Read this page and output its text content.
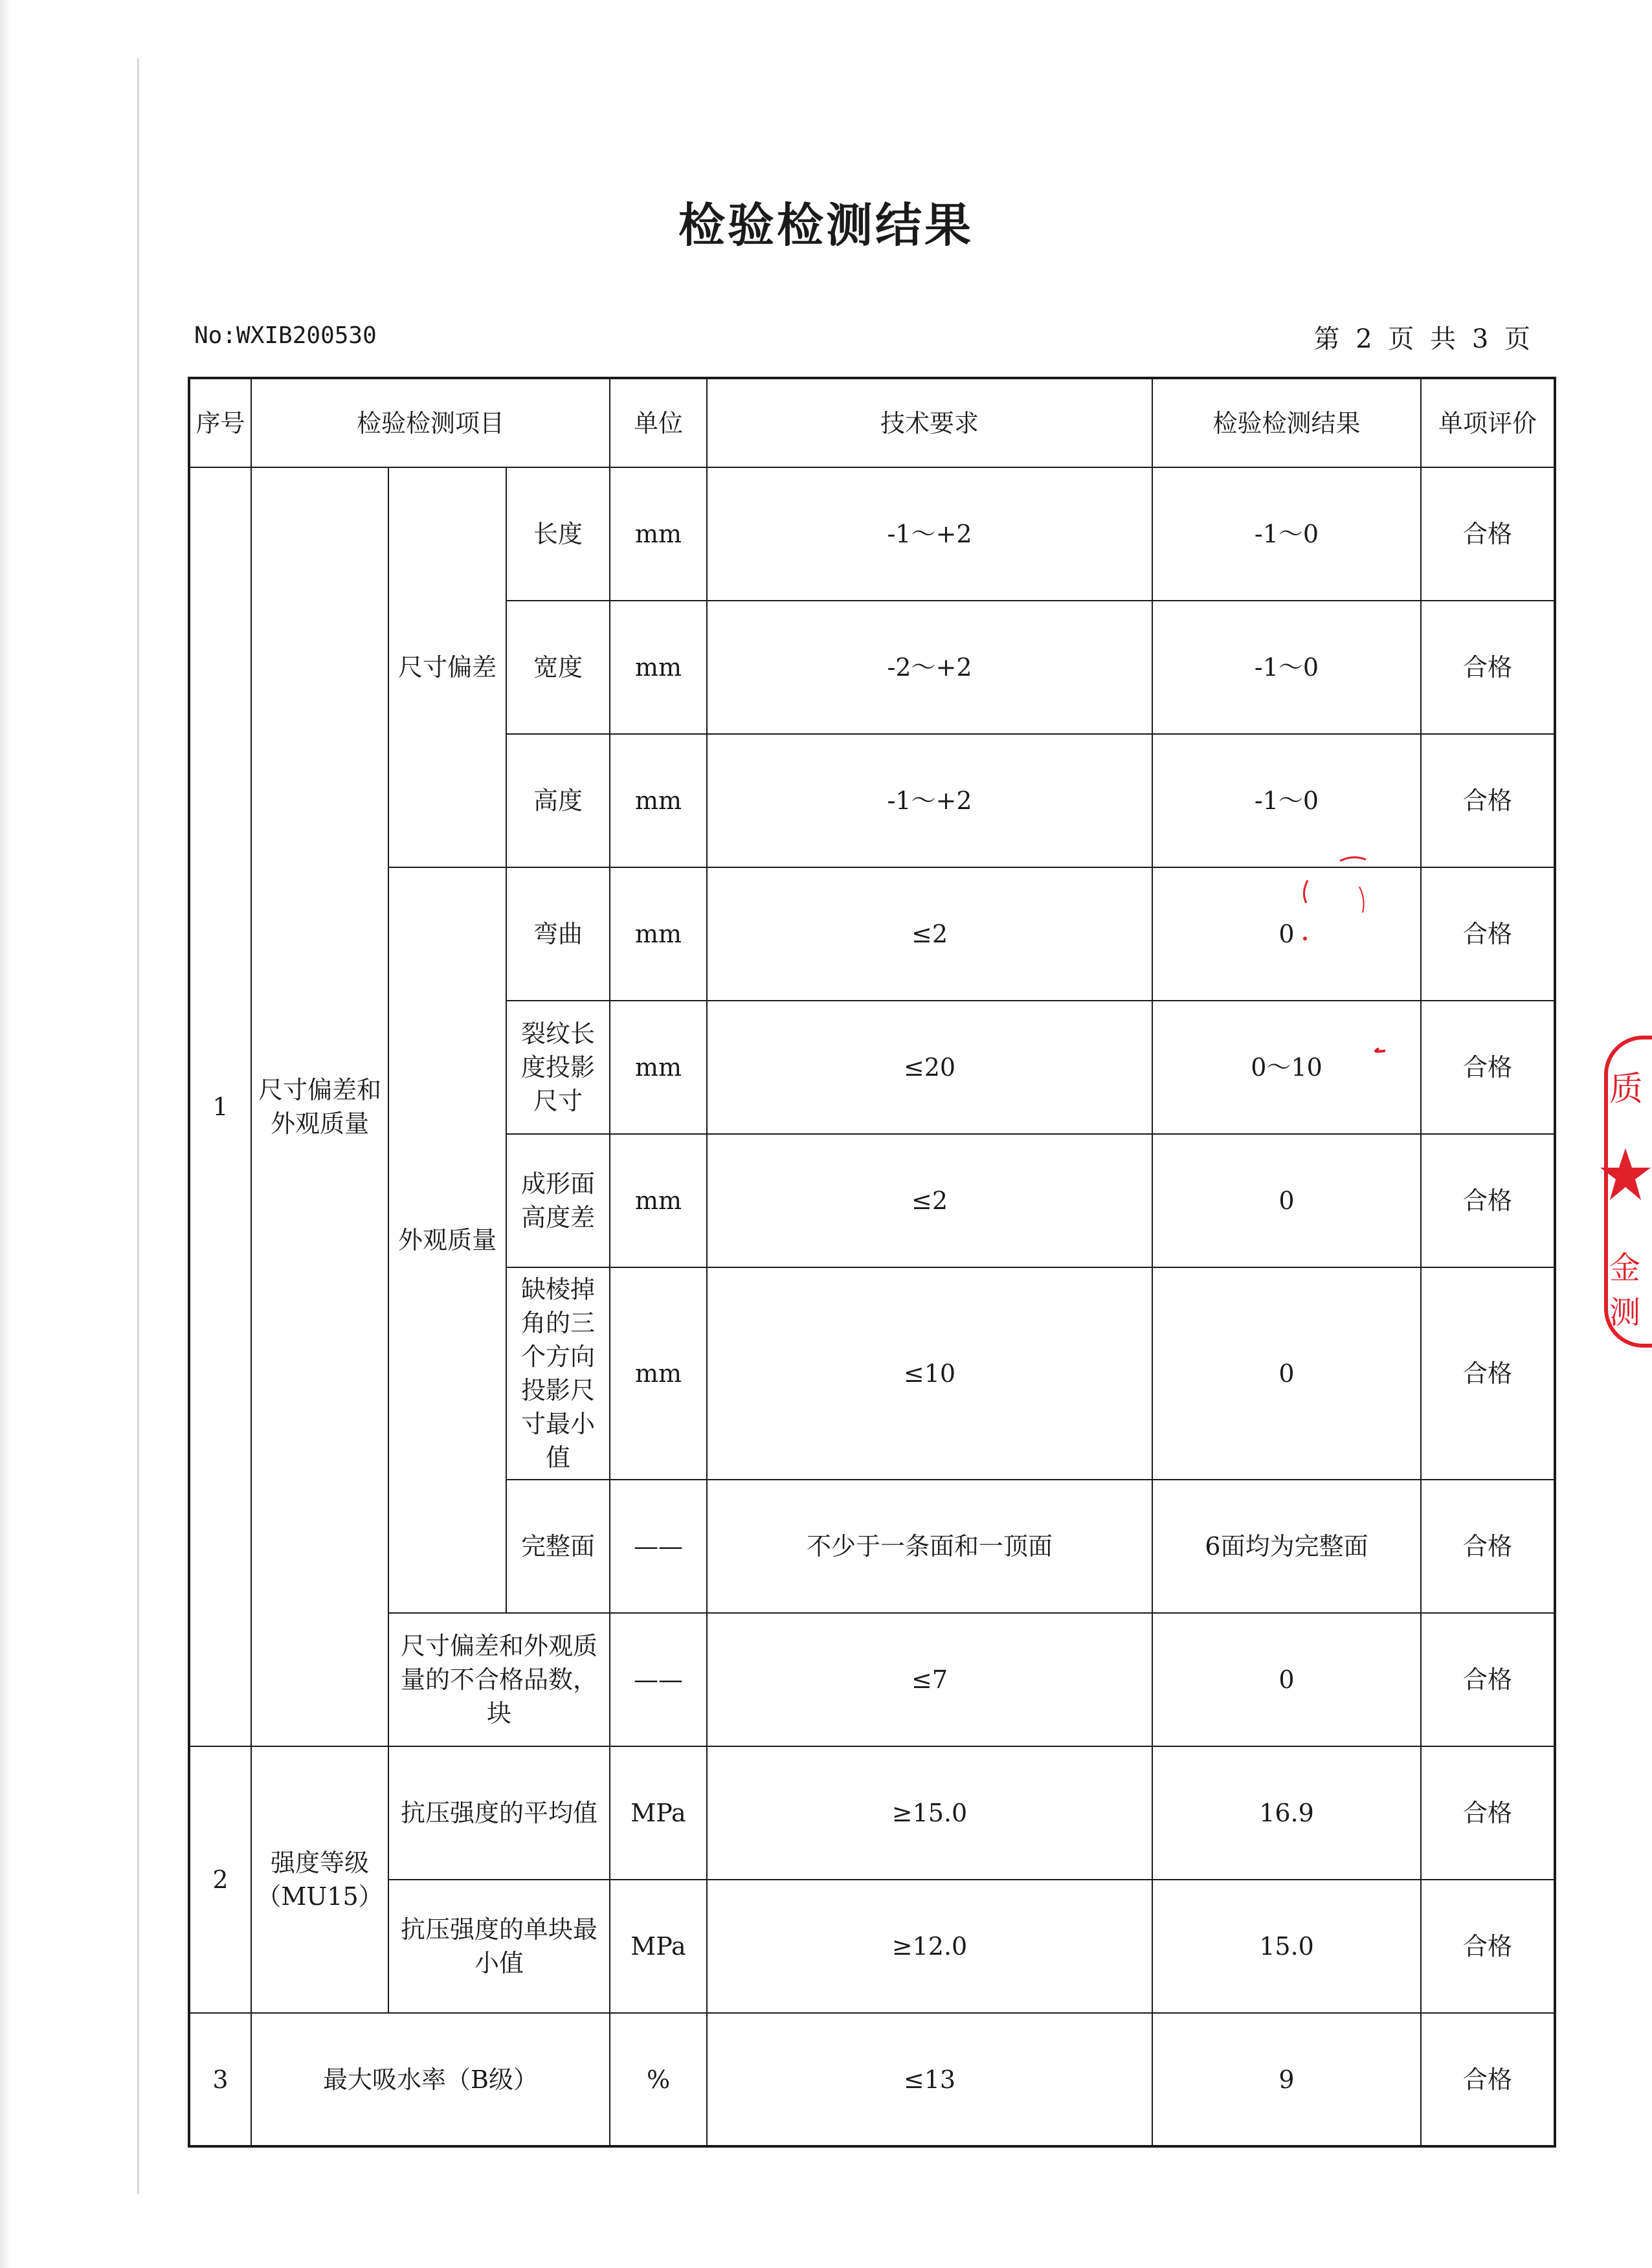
检验检测结果
No:WXIB200530	第 2 页 共 3 页
序号	检验检测项目			单位	技术要求	检验检测结果	单项评价
1	尺寸偏差和外观质量	尺寸偏差	长度	mm	-1～+2	-1～0	合格
			宽度	mm	-2～+2	-1～0	合格
			高度	mm	-1～+2	-1～0	合格
		外观质量	弯曲	mm	≤2	0	合格
			裂纹长度投影尺寸	mm	≤20	0～10	合格
			成形面高度差	mm	≤2	0	合格
			缺棱掉角的三个方向投影尺寸最小值	mm	≤10	0	合格
			完整面	——	不少于一条面和一顶面	6面均为完整面	合格
		尺寸偏差和外观质量的不合格品数，块		——	≤7	0	合格
2	强度等级（MU15）	抗压强度的平均值		MPa	≥15.0	16.9	合格
		抗压强度的单块最小值		MPa	≥12.0	15.0	合格
3	最大吸水率（B级）			%	≤13	9	合格
质
金测
